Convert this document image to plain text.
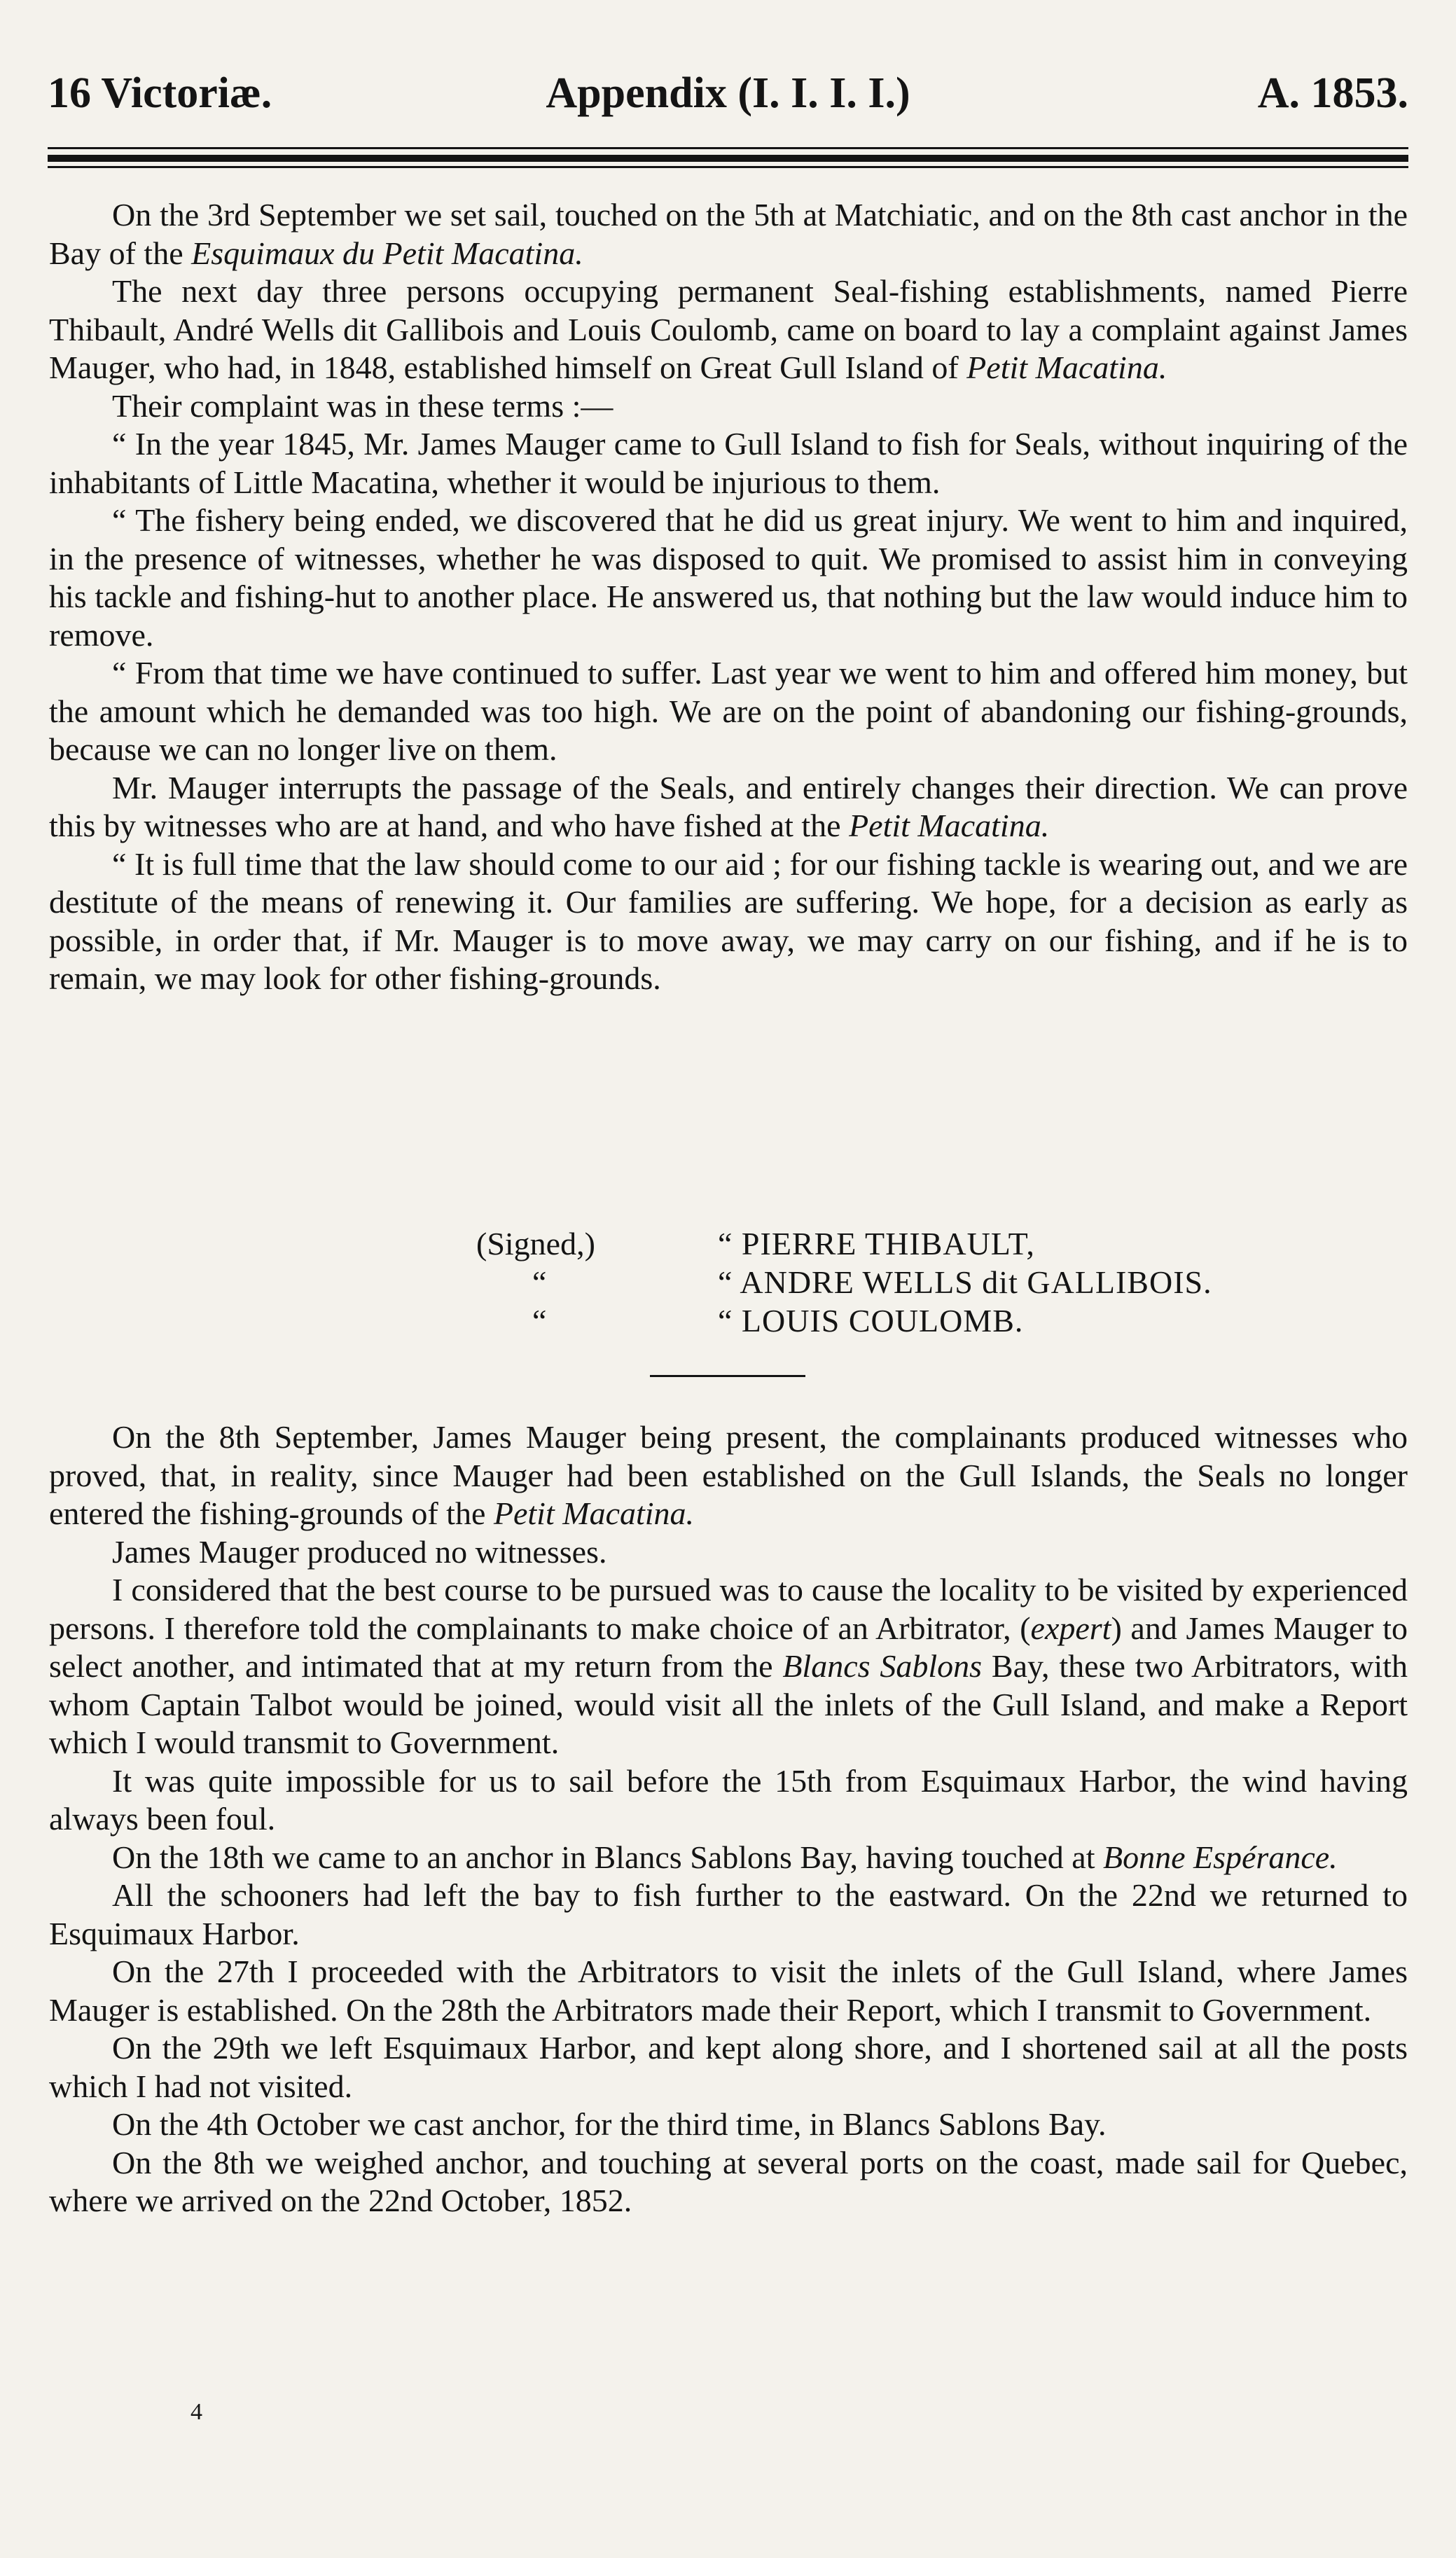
16 Victoriæ.	Appendix (I. I. I. I.)	A. 1853.

On the 3rd September we set sail, touched on the 5th at Matchiatic, and on the 8th cast anchor in the Bay of the Esquimaux du Petit Macatina.

The next day three persons occupying permanent Seal-fishing establishments, named Pierre Thibault, André Wells dit Gallibois and Louis Coulomb, came on board to lay a complaint against James Mauger, who had, in 1848, established himself on Great Gull Island of Petit Macatina.

Their complaint was in these terms :—

“ In the year 1845, Mr. James Mauger came to Gull Island to fish for Seals, without inquiring of the inhabitants of Little Macatina, whether it would be injurious to them.

“ The fishery being ended, we discovered that he did us great injury. We went to him and inquired, in the presence of witnesses, whether he was disposed to quit. We promised to assist him in conveying his tackle and fishing-hut to another place. He answered us, that nothing but the law would induce him to remove.

“ From that time we have continued to suffer. Last year we went to him and offered him money, but the amount which he demanded was too high. We are on the point of abandoning our fishing-grounds, because we can no longer live on them.

Mr. Mauger interrupts the passage of the Seals, and entirely changes their direction. We can prove this by witnesses who are at hand, and who have fished at the Petit Macatina.

“ It is full time that the law should come to our aid ; for our fishing tackle is wearing out, and we are destitute of the means of renewing it. Our families are suffering. We hope, for a decision as early as possible, in order that, if Mr. Mauger is to move away, we may carry on our fishing, and if he is to remain, we may look for other fishing-grounds.

(Signed,)	“ PIERRE THIBAULT,
“	“ ANDRE WELLS dit GALLIBOIS.
“	“ LOUIS COULOMB.

On the 8th September, James Mauger being present, the complainants produced witnesses who proved, that, in reality, since Mauger had been established on the Gull Islands, the Seals no longer entered the fishing-grounds of the Petit Macatina.

James Mauger produced no witnesses.

I considered that the best course to be pursued was to cause the locality to be visited by experienced persons. I therefore told the complainants to make choice of an Arbitrator, (expert) and James Mauger to select another, and intimated that at my return from the Blancs Sablons Bay, these two Arbitrators, with whom Captain Talbot would be joined, would visit all the inlets of the Gull Island, and make a Report which I would transmit to Government.

It was quite impossible for us to sail before the 15th from Esquimaux Harbor, the wind having always been foul.

On the 18th we came to an anchor in Blancs Sablons Bay, having touched at Bonne Espérance.

All the schooners had left the bay to fish further to the eastward. On the 22nd we returned to Esquimaux Harbor.

On the 27th I proceeded with the Arbitrators to visit the inlets of the Gull Island, where James Mauger is established. On the 28th the Arbitrators made their Report, which I transmit to Government.

On the 29th we left Esquimaux Harbor, and kept along shore, and I shortened sail at all the posts which I had not visited.

On the 4th October we cast anchor, for the third time, in Blancs Sablons Bay.

On the 8th we weighed anchor, and touching at several ports on the coast, made sail for Quebec, where we arrived on the 22nd October, 1852.

4
